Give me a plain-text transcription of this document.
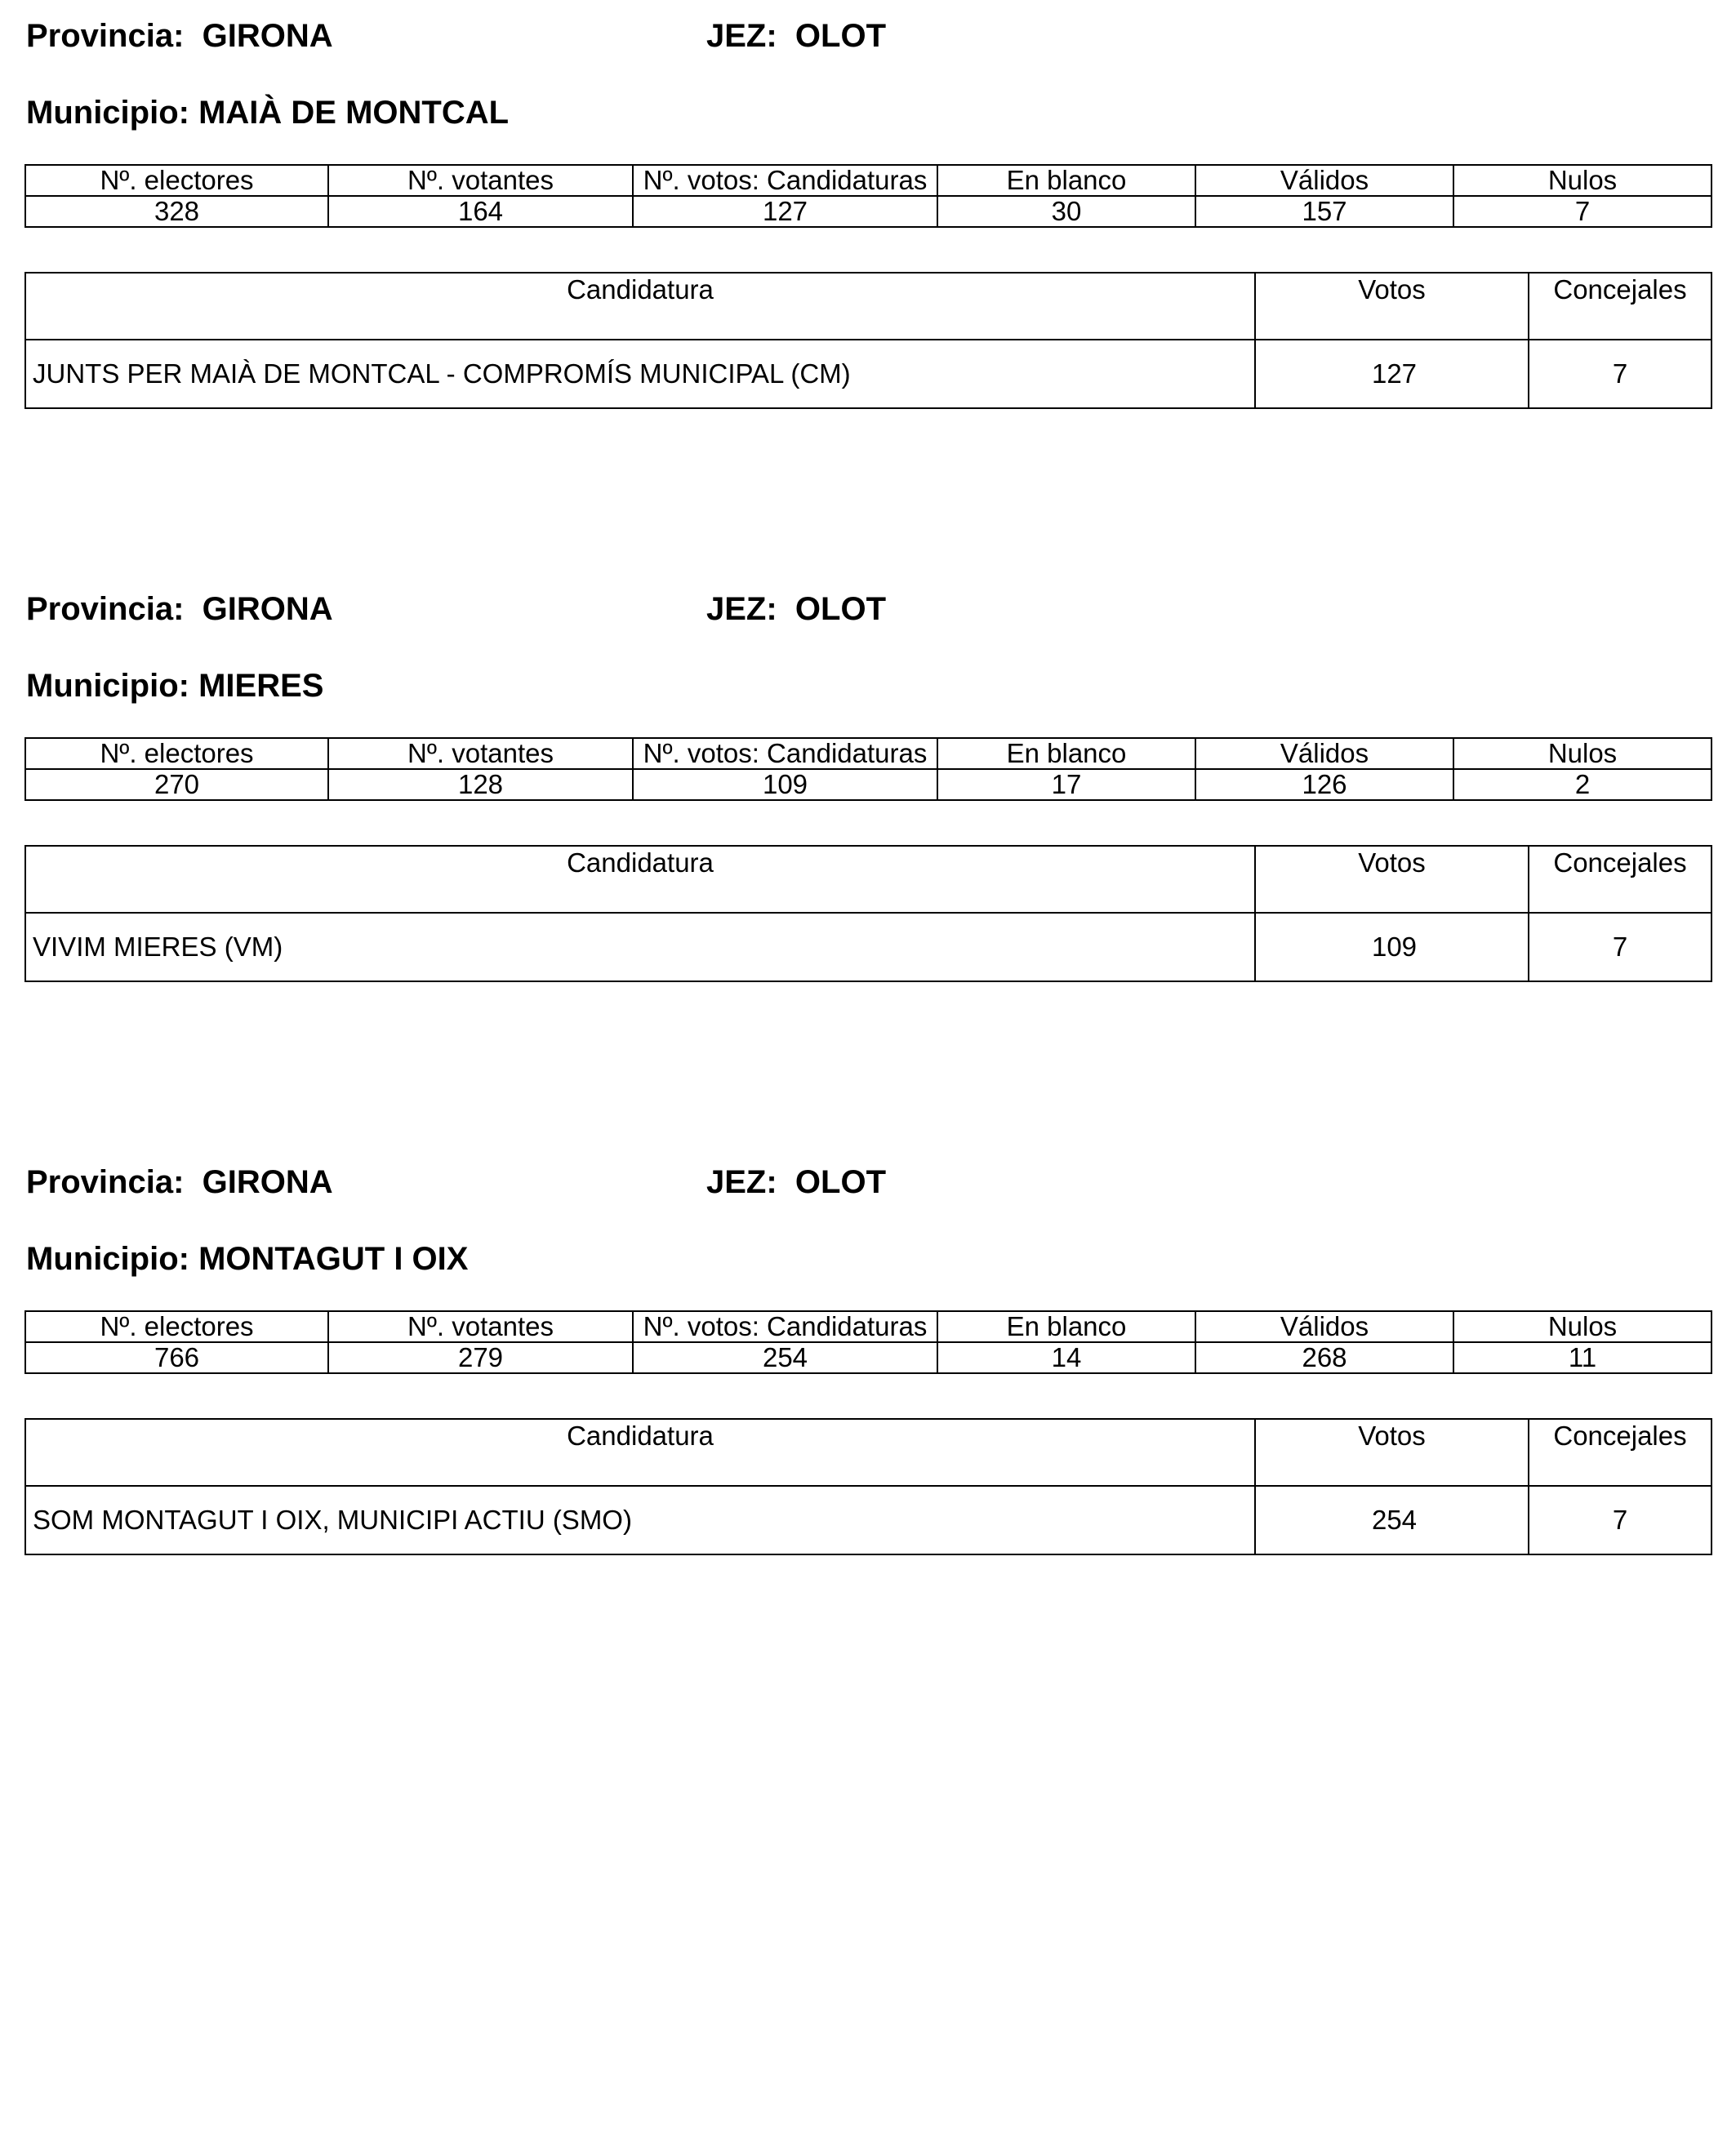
Provincia: GIRONA	JEZ: OLOT
Municipio: MAIÀ DE MONTCAL
Nº. electores	Nº. votantes	Nº. votos: Candidaturas	En blanco	Válidos	Nulos
328	164	127	30	157	7
Candidatura	Votos	Concejales
JUNTS PER MAIÀ DE MONTCAL - COMPROMÍS MUNICIPAL (CM)	127	7
Provincia: GIRONA	JEZ: OLOT
Municipio: MIERES
Nº. electores	Nº. votantes	Nº. votos: Candidaturas	En blanco	Válidos	Nulos
270	128	109	17	126	2
Candidatura	Votos	Concejales
VIVIM MIERES (VM)	109	7
Provincia: GIRONA	JEZ: OLOT
Municipio: MONTAGUT I OIX
Nº. electores	Nº. votantes	Nº. votos: Candidaturas	En blanco	Válidos	Nulos
766	279	254	14	268	11
Candidatura	Votos	Concejales
SOM MONTAGUT I OIX, MUNICIPI ACTIU (SMO)	254	7
